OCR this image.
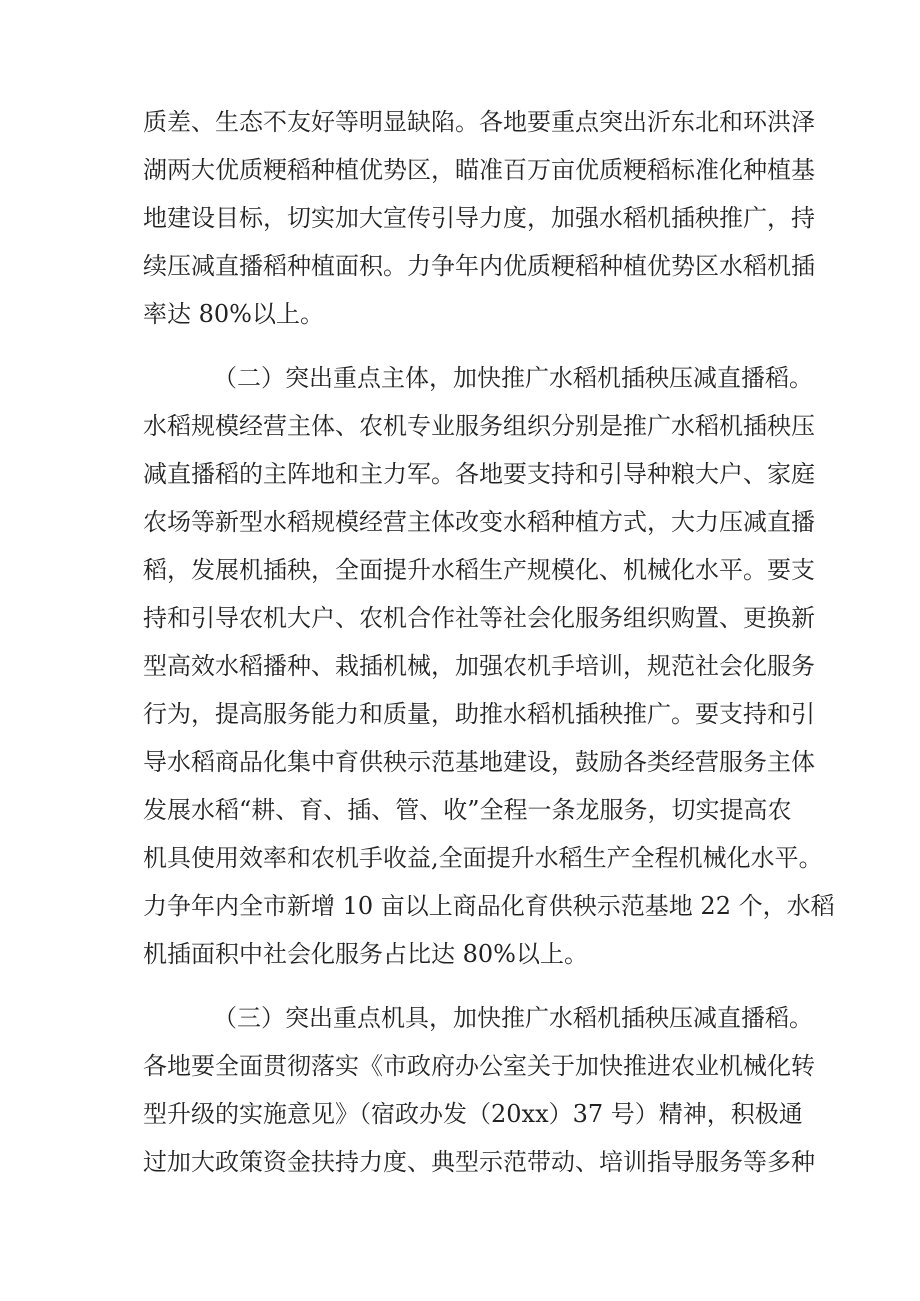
质差、生态不友好等明显缺陷。各地要重点突出沂东北和环洪泽
湖两大优质粳稻种植优势区，瞄准百万亩优质粳稻标准化种植基
地建设目标，切实加大宣传引导力度，加强水稻机插秧推广，持
续压减直播稻种植面积。力争年内优质粳稻种植优势区水稻机插
率达 80%以上。
（二）突出重点主体，加快推广水稻机插秧压减直播稻。
水稻规模经营主体、农机专业服务组织分别是推广水稻机插秧压
减直播稻的主阵地和主力军。各地要支持和引导种粮大户、家庭
农场等新型水稻规模经营主体改变水稻种植方式，大力压减直播
稻，发展机插秧，全面提升水稻生产规模化、机械化水平。要支
持和引导农机大户、农机合作社等社会化服务组织购置、更换新
型高效水稻播种、栽插机械，加强农机手培训，规范社会化服务
行为，提高服务能力和质量，助推水稻机插秧推广。要支持和引
导水稻商品化集中育供秧示范基地建设，鼓励各类经营服务主体
发展水稻“耕、育、插、管、收”全程一条龙服务，切实提高农
机具使用效率和农机手收益,全面提升水稻生产全程机械化水平。
力争年内全市新增 10 亩以上商品化育供秧示范基地 22 个，水稻
机插面积中社会化服务占比达 80%以上。
（三）突出重点机具，加快推广水稻机插秧压减直播稻。
各地要全面贯彻落实《市政府办公室关于加快推进农业机械化转
型升级的实施意见》（宿政办发（20xx）37 号）精神，积极通
过加大政策资金扶持力度、典型示范带动、培训指导服务等多种
